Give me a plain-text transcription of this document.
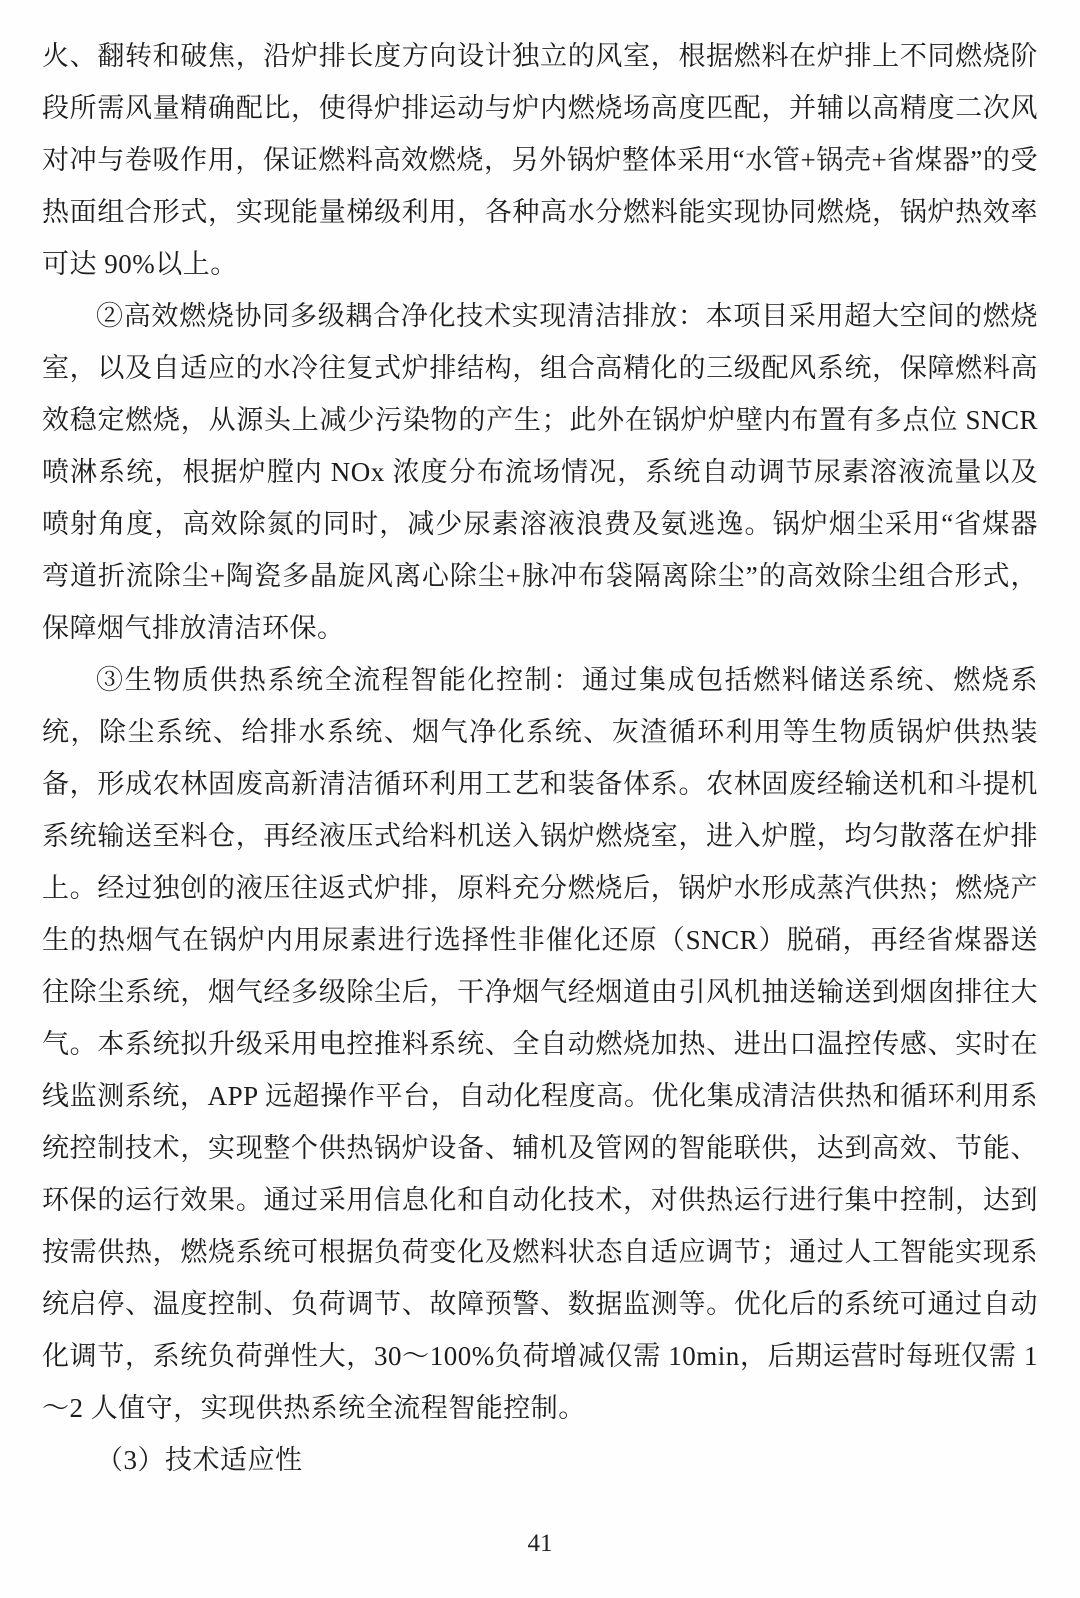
火、翻转和破焦，沿炉排长度方向设计独立的风室，根据燃料在炉排上不同燃烧阶段所需风量精确配比，使得炉排运动与炉内燃烧场高度匹配，并辅以高精度二次风对冲与卷吸作用，保证燃料高效燃烧，另外锅炉整体采用“水管+锅壳+省煤器”的受热面组合形式，实现能量梯级利用，各种高水分燃料能实现协同燃烧，锅炉热效率可达 90%以上。

②高效燃烧协同多级耦合净化技术实现清洁排放：本项目采用超大空间的燃烧室，以及自适应的水冷往复式炉排结构，组合高精化的三级配风系统，保障燃料高效稳定燃烧，从源头上减少污染物的产生；此外在锅炉炉壁内布置有多点位 SNCR 喷淋系统，根据炉膛内 NOx 浓度分布流场情况，系统自动调节尿素溶液流量以及喷射角度，高效除氮的同时，减少尿素溶液浪费及氨逃逸。锅炉烟尘采用“省煤器弯道折流除尘+陶瓷多晶旋风离心除尘+脉冲布袋隔离除尘”的高效除尘组合形式，保障烟气排放清洁环保。

③生物质供热系统全流程智能化控制：通过集成包括燃料储送系统、燃烧系统，除尘系统、给排水系统、烟气净化系统、灰渣循环利用等生物质锅炉供热装备，形成农林固废高新清洁循环利用工艺和装备体系。农林固废经输送机和斗提机系统输送至料仓，再经液压式给料机送入锅炉燃烧室，进入炉膛，均匀散落在炉排上。经过独创的液压往返式炉排，原料充分燃烧后，锅炉水形成蒸汽供热；燃烧产生的热烟气在锅炉内用尿素进行选择性非催化还原（SNCR）脱硝，再经省煤器送往除尘系统，烟气经多级除尘后，干净烟气经烟道由引风机抽送输送到烟囱排往大气。本系统拟升级采用电控推料系统、全自动燃烧加热、进出口温控传感、实时在线监测系统，APP 远超操作平台，自动化程度高。优化集成清洁供热和循环利用系统控制技术，实现整个供热锅炉设备、辅机及管网的智能联供，达到高效、节能、环保的运行效果。通过采用信息化和自动化技术，对供热运行进行集中控制，达到按需供热，燃烧系统可根据负荷变化及燃料状态自适应调节；通过人工智能实现系统启停、温度控制、负荷调节、故障预警、数据监测等。优化后的系统可通过自动化调节，系统负荷弹性大，30～100%负荷增减仅需 10min，后期运营时每班仅需 1～2 人值守，实现供热系统全流程智能控制。

（3）技术适应性

41
